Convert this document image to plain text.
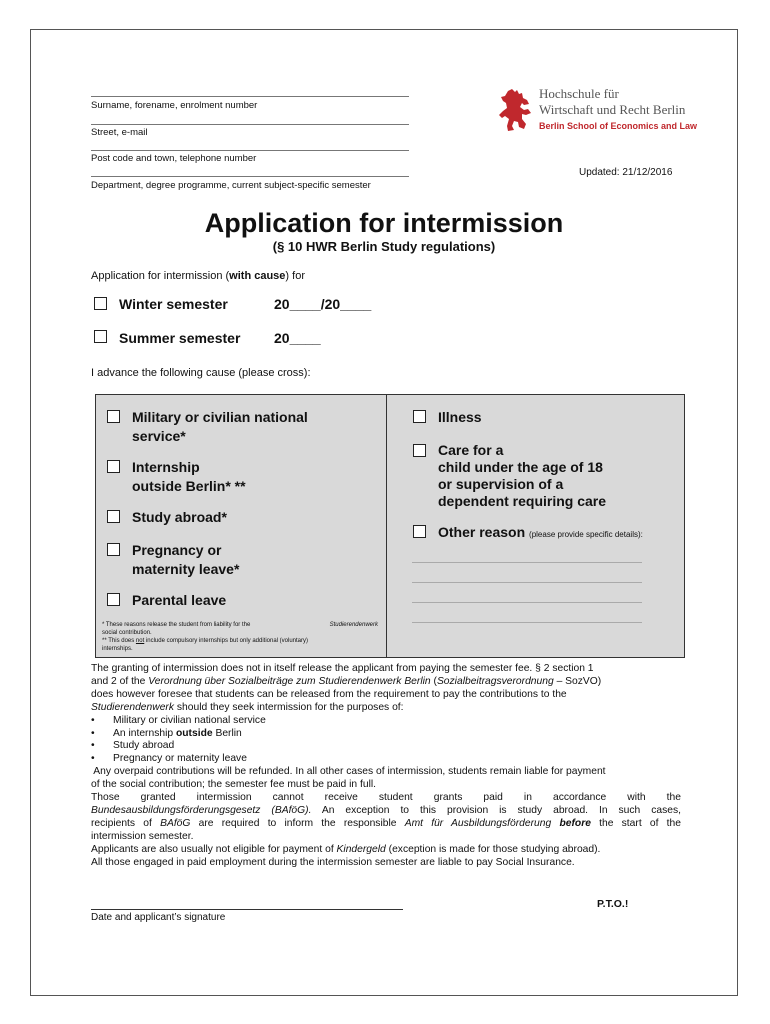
Surname, forename, enrolment number
Street, e-mail
Post code and town, telephone number
Department, degree programme, current subject-specific semester
Hochschule für
Wirtschaft und Recht Berlin
Berlin School of Economics and Law
Updated: 21/12/2016
Application for intermission
(§ 10 HWR Berlin Study regulations)
Application for intermission (with cause) for
Winter semester	20____/20____
Summer semester 20____
I advance the following cause (please cross):
Military or civilian national
service*
Internship
outside Berlin* **
Study abroad*
Pregnancy or
maternity leave*
Parental leave
* These reasons release the student from liability for the	Studierendenwerk
social contribution.
** This does not include compulsory internships but only additional (voluntary)
internships.
Illness
Care for a
child under the age of 18
or supervision of a
dependent requiring care
Other reason (please provide specific details):

The granting of intermission does not in itself release the applicant from paying the semester fee. § 2 section 1

and 2 of the Verordnung über Sozialbeiträge zum Studierendenwerk Berlin (Sozialbeitragsverordnung – SozVO)

does however foresee that students can be released from the requirement to pay the contributions to the

Studierendenwerk should they seek intermission for the purposes of:

• Military or civilian national service
• An internship outside Berlin
• Study abroad
• Pregnancy or maternity leave

Any overpaid contributions will be refunded. In all other cases of intermission, students remain liable for payment

of the social contribution; the semester fee must be paid in full.

Those granted intermission cannot receive student grants paid in accordance with the

Bundesausbildungsförderungsgesetz (BAföG). An exception to this provision is study abroad. In such cases,

recipients of BAföG are required to inform the responsible Amt für Ausbildungsförderung before the start of the

intermission semester.

Applicants are also usually not eligible for payment of Kindergeld (exception is made for those studying abroad).

All those engaged in paid employment during the intermission semester are liable to pay Social Insurance.

Date and applicant’s signature
P.T.O.!
